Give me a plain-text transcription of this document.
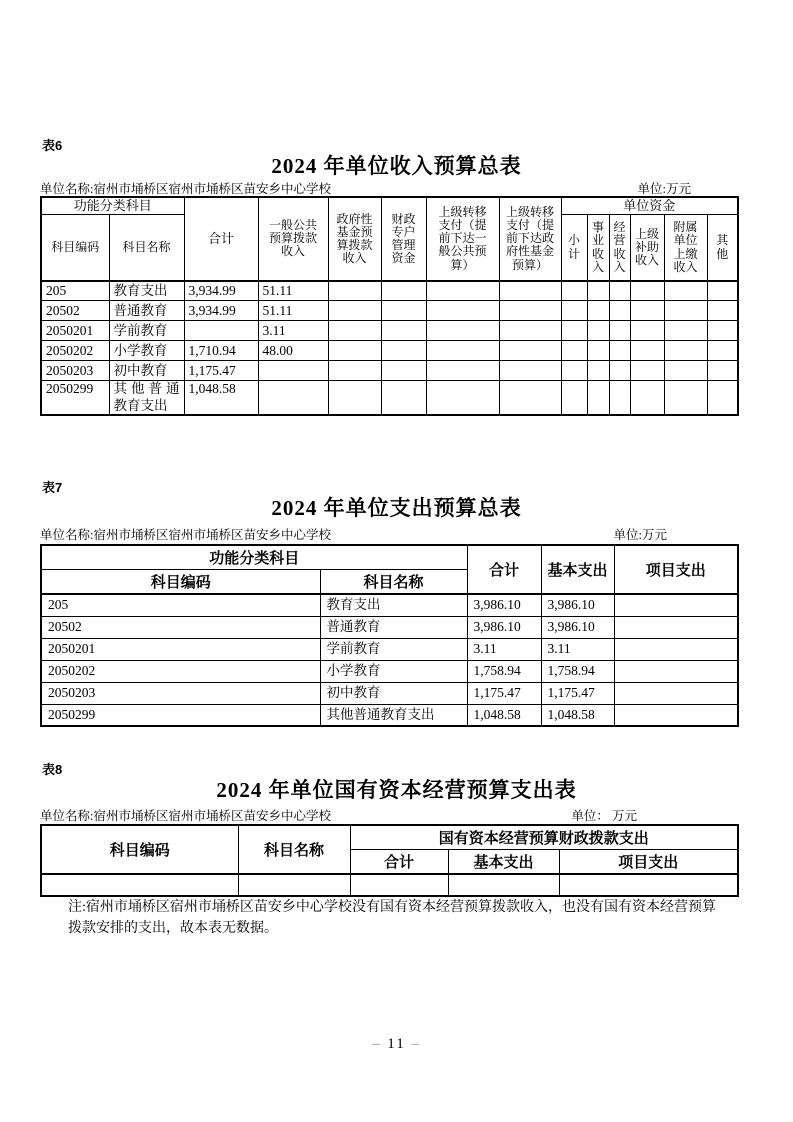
表6
2024 年单位收入预算总表
单位名称:宿州市埇桥区宿州市埇桥区苗安乡中心学校	单位:万元
功能分类科目		合计	一般公共预算拨款收入	政府性基金预算拨款收入	财政专户管理资金	上级转移支付（提前下达一般公共预算）	上级转移支付（提前下达政府性基金预算）	单位资金					
科目编码	科目名称							小计	事业收入	经营收入	上级补助收入	附属单位上缴收入	其他
205	教育支出	3,934.99	51.11										
20502	普通教育	3,934.99	51.11										
2050201	学前教育		3.11										
2050202	小学教育	1,710.94	48.00										
2050203	初中教育	1,175.47											
2050299	其他普通教育支出	1,048.58											
表7
2024 年单位支出预算总表
单位名称:宿州市埇桥区宿州市埇桥区苗安乡中心学校	单位:万元
功能分类科目		合计	基本支出	项目支出
科目编码	科目名称			
205	教育支出	3,986.10	3,986.10	
20502	普通教育	3,986.10	3,986.10	
2050201	学前教育	3.11	3.11	
2050202	小学教育	1,758.94	1,758.94	
2050203	初中教育	1,175.47	1,175.47	
2050299	其他普通教育支出	1,048.58	1,048.58	
表8
2024 年单位国有资本经营预算支出表
单位名称:宿州市埇桥区宿州市埇桥区苗安乡中心学校	单位： 万元
科目编码	科目名称	国有资本经营预算财政拨款支出		
		合计	基本支出	项目支出

注:宿州市埇桥区宿州市埇桥区苗安乡中心学校没有国有资本经营预算拨款收入，也没有国有资本经营预算拨款安排的支出，故本表无数据。
– 11 –
